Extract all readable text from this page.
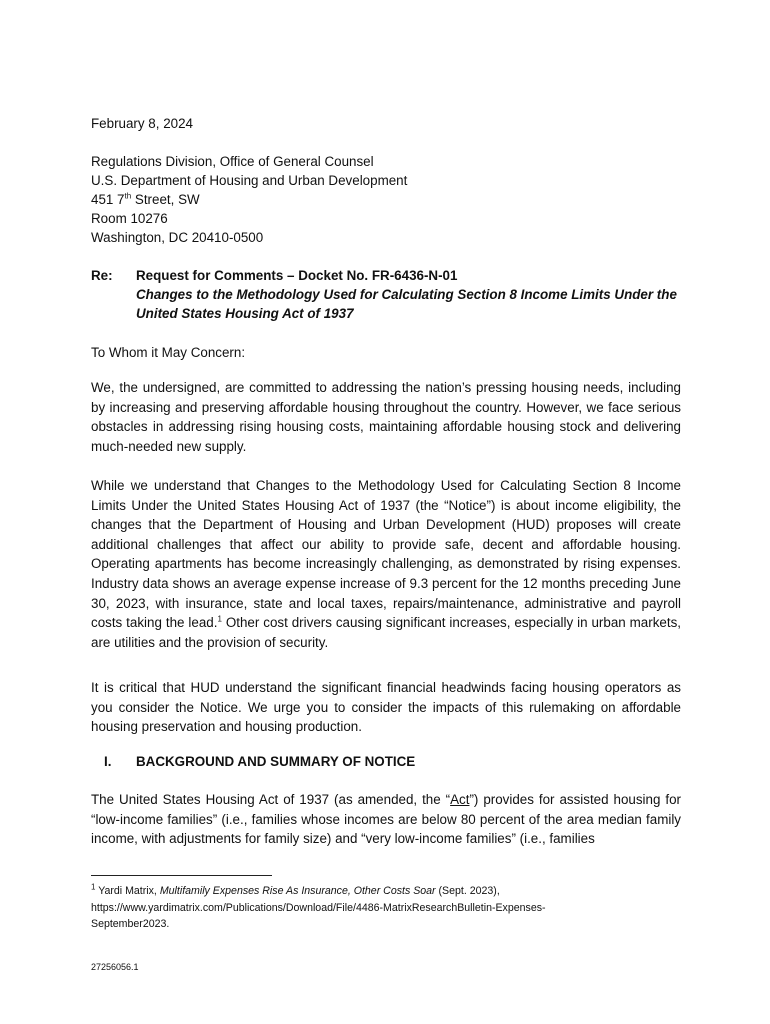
February 8, 2024
Regulations Division, Office of General Counsel
U.S. Department of Housing and Urban Development
451 7th Street, SW
Room 10276
Washington, DC 20410-0500
Re: Request for Comments – Docket No. FR-6436-N-01
Changes to the Methodology Used for Calculating Section 8 Income Limits Under the
United States Housing Act of 1937
To Whom it May Concern:
We, the undersigned, are committed to addressing the nation’s pressing housing needs, including by increasing and preserving affordable housing throughout the country. However, we face serious obstacles in addressing rising housing costs, maintaining affordable housing stock and delivering much-needed new supply.
While we understand that Changes to the Methodology Used for Calculating Section 8 Income Limits Under the United States Housing Act of 1937 (the “Notice”) is about income eligibility, the changes that the Department of Housing and Urban Development (HUD) proposes will create additional challenges that affect our ability to provide safe, decent and affordable housing. Operating apartments has become increasingly challenging, as demonstrated by rising expenses. Industry data shows an average expense increase of 9.3 percent for the 12 months preceding June 30, 2023, with insurance, state and local taxes, repairs/maintenance, administrative and payroll costs taking the lead.$^1$ Other cost drivers causing significant increases, especially in urban markets, are utilities and the provision of security.
It is critical that HUD understand the significant financial headwinds facing housing operators as you consider the Notice. We urge you to consider the impacts of this rulemaking on affordable housing preservation and housing production.
I. BACKGROUND AND SUMMARY OF NOTICE
The United States Housing Act of 1937 (as amended, the “Act”) provides for assisted housing for “low-income families” (i.e., families whose incomes are below 80 percent of the area median family income, with adjustments for family size) and “very low-income families” (i.e., families
$^1$ Yardi Matrix, Multifamily Expenses Rise As Insurance, Other Costs Soar (Sept. 2023),
https://www.yardimatrix.com/Publications/Download/File/4486-MatrixResearchBulletin-Expenses-
September2023.
27256056.1
